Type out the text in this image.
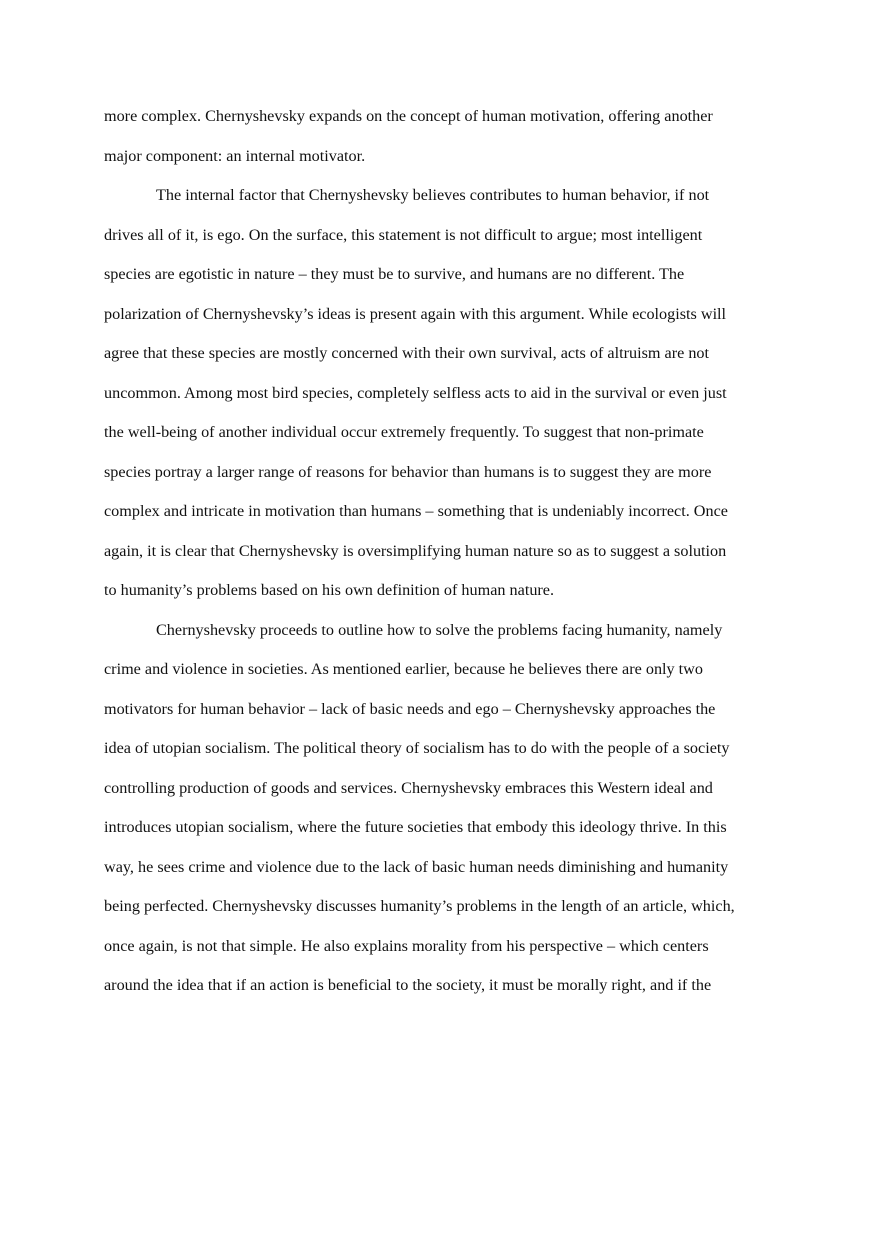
more complex. Chernyshevsky expands on the concept of human motivation, offering another
major component: an internal motivator.
The internal factor that Chernyshevsky believes contributes to human behavior, if not
drives all of it, is ego. On the surface, this statement is not difficult to argue; most intelligent
species are egotistic in nature – they must be to survive, and humans are no different. The
polarization of Chernyshevsky’s ideas is present again with this argument. While ecologists will
agree that these species are mostly concerned with their own survival, acts of altruism are not
uncommon. Among most bird species, completely selfless acts to aid in the survival or even just
the well-being of another individual occur extremely frequently. To suggest that non-primate
species portray a larger range of reasons for behavior than humans is to suggest they are more
complex and intricate in motivation than humans – something that is undeniably incorrect. Once
again, it is clear that Chernyshevsky is oversimplifying human nature so as to suggest a solution
to humanity’s problems based on his own definition of human nature.
Chernyshevsky proceeds to outline how to solve the problems facing humanity, namely
crime and violence in societies. As mentioned earlier, because he believes there are only two
motivators for human behavior – lack of basic needs and ego – Chernyshevsky approaches the
idea of utopian socialism. The political theory of socialism has to do with the people of a society
controlling production of goods and services. Chernyshevsky embraces this Western ideal and
introduces utopian socialism, where the future societies that embody this ideology thrive. In this
way, he sees crime and violence due to the lack of basic human needs diminishing and humanity
being perfected. Chernyshevsky discusses humanity’s problems in the length of an article, which,
once again, is not that simple. He also explains morality from his perspective – which centers
around the idea that if an action is beneficial to the society, it must be morally right, and if the
